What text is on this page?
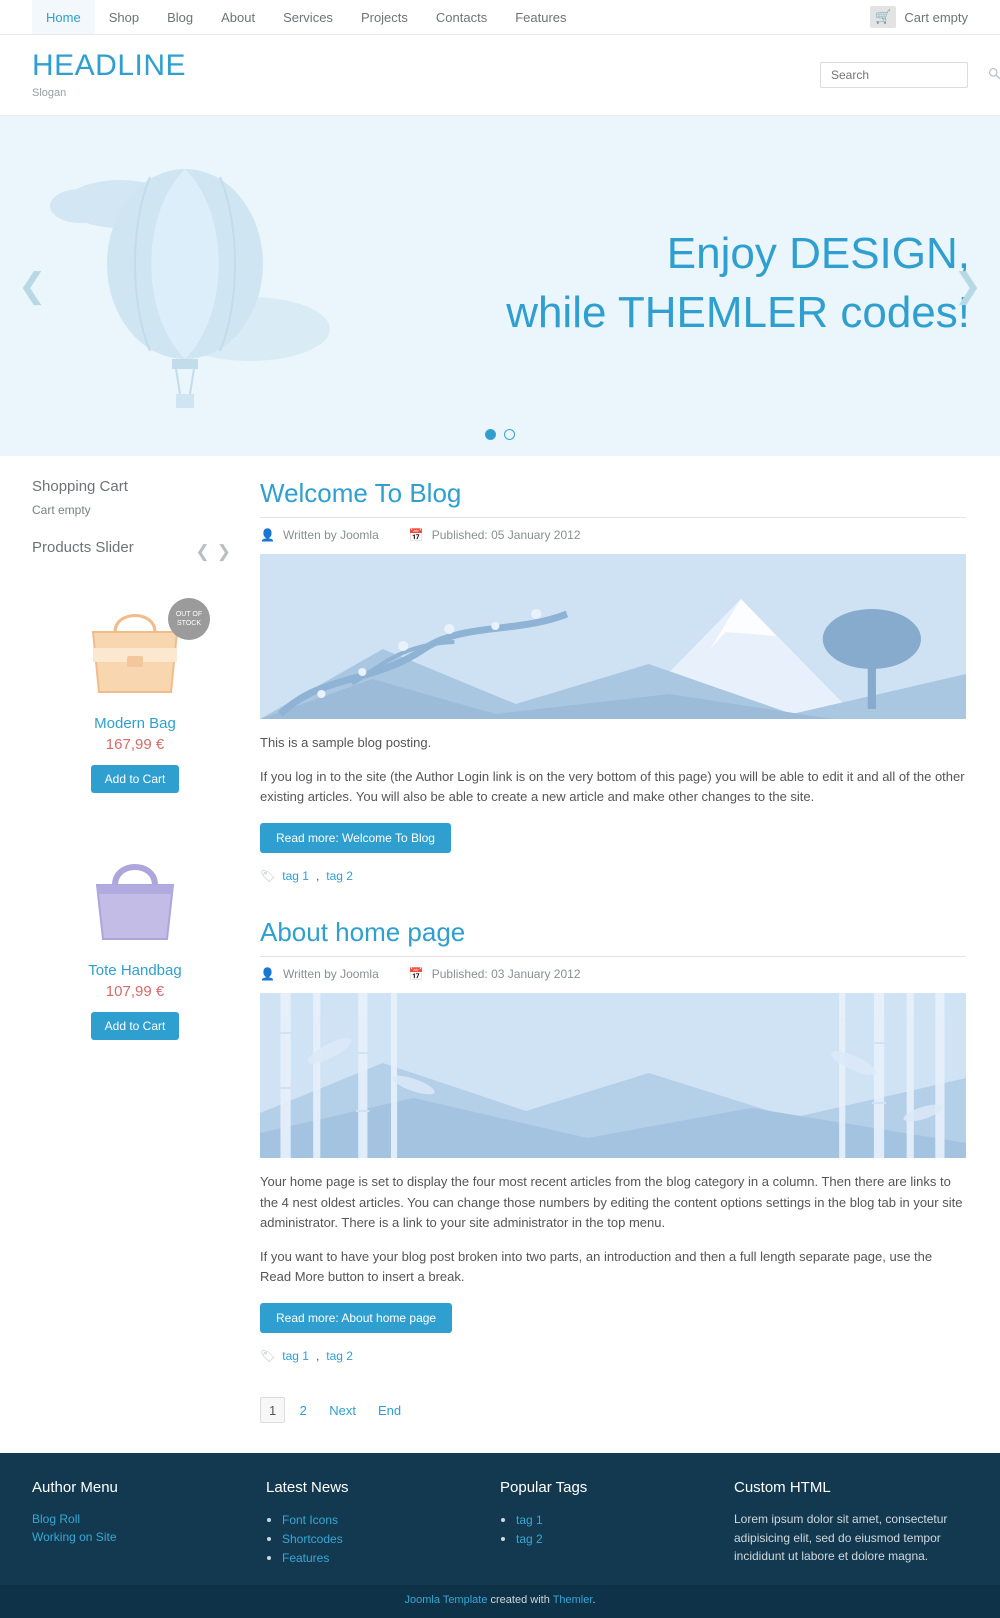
Home Shop Blog About Services Projects Contacts Features	🛒 Cart empty
HEADLINE
Slogan
Search
Enjoy DESIGN,
while THEMLER codes!
❮	❯
Shopping Cart
Cart empty
Products Slider	❮❯
OUT OF STOCK
Modern Bag
167,99 €
Add to Cart
Tote Handbag
107,99 €
Add to Cart
Welcome To Blog
👤 Written by Joomla	📅 Published: 05 January 2012

This is a sample blog posting.

If you log in to the site (the Author Login link is on the very bottom of this page) you will be able to edit it and all of the other existing articles. You will also be able to create a new article and make other changes to the site.

Read more: Welcome To Blog
🏷 tag 1 , tag 2
About home page
👤 Written by Joomla	📅 Published: 03 January 2012

Your home page is set to display the four most recent articles from the blog category in a column. Then there are links to the 4 nest oldest articles. You can change those numbers by editing the content options settings in the blog tab in your site administrator. There is a link to your site administrator in the top menu.

If you want to have your blog post broken into two parts, an introduction and then a full length separate page, use the Read More button to insert a break.

Read more: About home page
🏷 tag 1 , tag 2
1	2	Next	End
Author Menu
Blog Roll
Working on Site
Latest News
• Font Icons
• Shortcodes
• Features
Popular Tags
• tag 1
• tag 2
Custom HTML

Lorem ipsum dolor sit amet, consectetur adipisicing elit, sed do eiusmod tempor incididunt ut labore et dolore magna.

Joomla Template created with Themler.
